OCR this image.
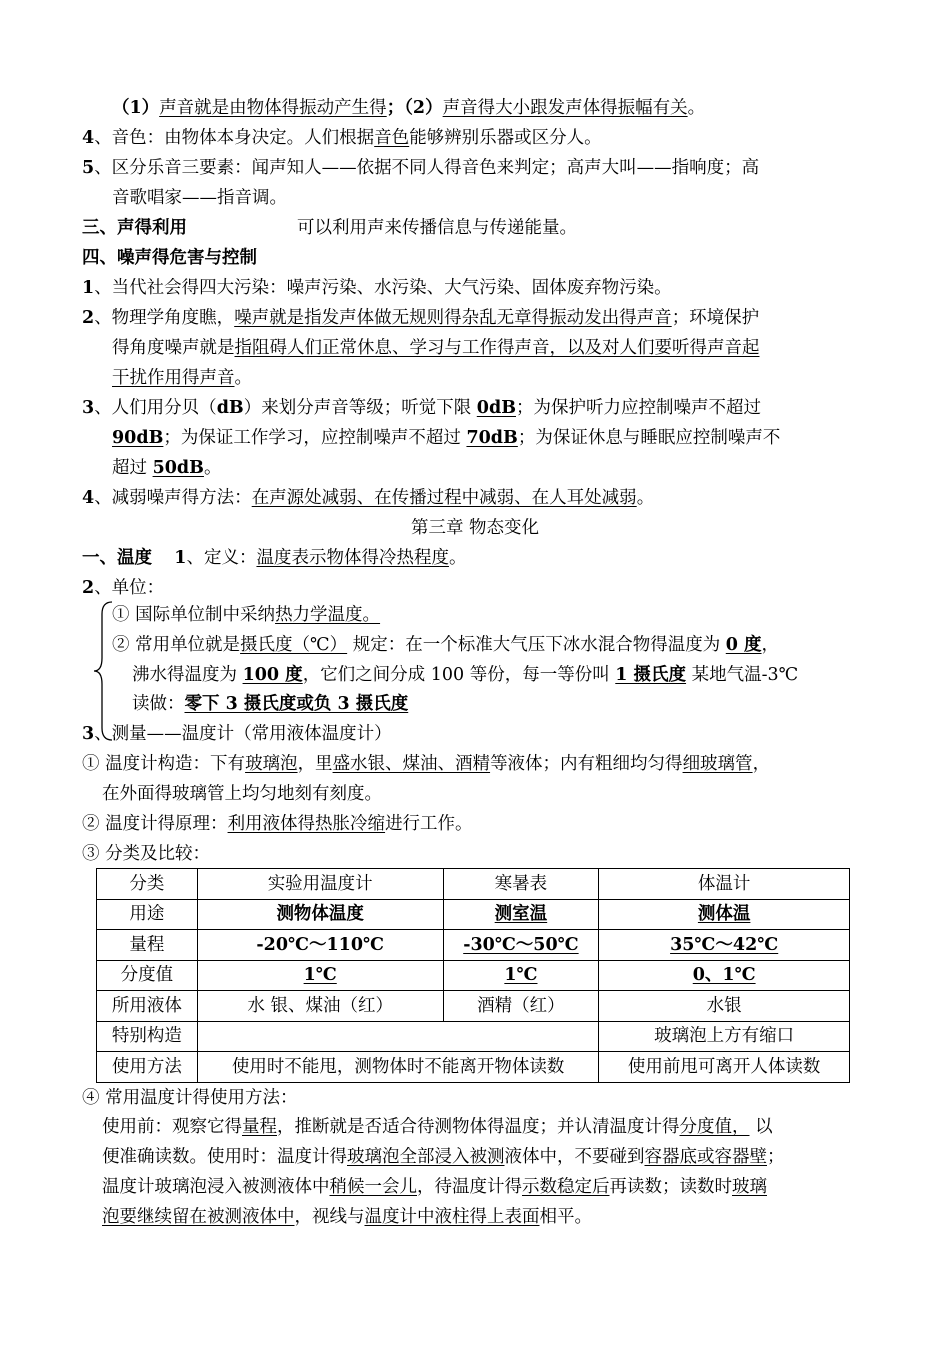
（1）声音就是由物体得振动产生得；（2）声音得大小跟发声体得振幅有关。
4、音色：由物体本身决定。人们根据音色能够辨别乐器或区分人。
5、区分乐音三要素：闻声知人——依据不同人得音色来判定；高声大叫——指响度；高
音歌唱家——指音调。
三、声得利用	可以利用声来传播信息与传递能量。
四、噪声得危害与控制
1、当代社会得四大污染：噪声污染、水污染、大气污染、固体废弃物污染。
2、物理学角度瞧，噪声就是指发声体做无规则得杂乱无章得振动发出得声音；环境保护
得角度噪声就是指阻碍人们正常休息、学习与工作得声音，以及对人们要听得声音起
干扰作用得声音。
3、人们用分贝（dB）来划分声音等级；听觉下限 0dB；为保护听力应控制噪声不超过
90dB；为保证工作学习，应控制噪声不超过 70dB；为保证休息与睡眠应控制噪声不
超过 50dB。
4、减弱噪声得方法：在声源处减弱、在传播过程中减弱、在人耳处减弱。
第三章 物态变化
一、温度 1、定义：温度表示物体得冷热程度。
2、单位：
① 国际单位制中采纳热力学温度。
② 常用单位就是摄氏度（℃） 规定：在一个标准大气压下冰水混合物得温度为 0 度，
沸水得温度为 100 度，它们之间分成 100 等份，每一等份叫 1 摄氏度 某地气温-3℃
读做：零下 3 摄氏度或负 3 摄氏度
3、测量——温度计（常用液体温度计）
① 温度计构造：下有玻璃泡，里盛水银、煤油、酒精等液体；内有粗细均匀得细玻璃管，
在外面得玻璃管上均匀地刻有刻度。
② 温度计得原理：利用液体得热胀冷缩进行工作。
③ 分类及比较：
分类	实验用温度计	寒暑表	体温计
用途	测物体温度	测室温	测体温
量程	-20℃～110℃	-30℃～50℃	35℃～42℃
分度值	1℃	1℃	0、1℃
所用液体	水 银、煤油（红）	酒精（红）	水银
特别构造			玻璃泡上方有缩口
使用方法	使用时不能甩，测物体时不能离开物体读数		使用前甩可离开人体读数
④ 常用温度计得使用方法：
使用前：观察它得量程，推断就是否适合待测物体得温度；并认清温度计得分度值， 以
便准确读数。使用时：温度计得玻璃泡全部浸入被测液体中，不要碰到容器底或容器壁；
温度计玻璃泡浸入被测液体中稍候一会儿，待温度计得示数稳定后再读数；读数时玻璃
泡要继续留在被测液体中，视线与温度计中液柱得上表面相平。
